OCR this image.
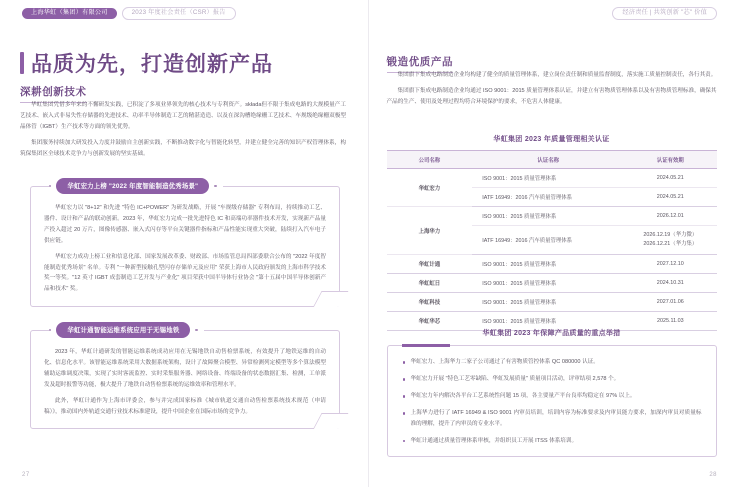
上海华虹（集团）有限公司	2023 年度社会责任（CSR）报告
品质为先，打造创新产品
深耕创新技术

华虹集团凭借多年来的不懈研发实践，已积淀了多项业界领先的核心技术与专利资产。składa但不限于集成电路的大规模量产工艺技术、嵌入式非易失性存储器的先进技术、功率半导体制造工艺的精湛造造、以及在深沟槽绝缘栅工艺技术、车规级绝缘栅双极型晶体管（IGBT）生产技术等方面的领先优势。

集团服务持续加大研发投入力度并鼓励自主创新实践，不断推动数字化与智能化转型，并建立健全完善的知识产权管理体系，构筑保集团区全球技术竞争力与创新发展的坚实基础。

华虹宏力上榜 "2022 年度智能制造优秀场景"

华虹宏力以 "8+12" 和先进 "特色 IC+POWER" 为研发战略，开展 "车规级存储器" 专利布局，持续推动工艺、器件、设计和产品的联动创新。2023 年，华虹宏力完成一批先进特色 IC 和高端功率器件技术开发，实现新产品量产投入超过 20 万片，图像传感器、嵌入式闪存等平台关键器件指标和产品性能实现重大突破，陆续打入汽车电子供应链。

华虹宏力成功上榜工业和信息化部、国家发展改革委、财政部、市场监管总局四部委联合公布的 "2022 年度智能制造优秀场景" 名单。专利 "一种新型接触孔型闪存存储单元及应用" 荣获上海市人民政府颁发的上海市科学技术奖一等奖。"12 英寸 IGBT 成套制造工艺开发与产业化" 项目荣获中国半导体行业协会 "第十五届中国半导体创新产品和技术" 奖。

华虹计通智能运维系统应用于无锡地铁

2023 年，华虹计通研发的智能运维系统成功应用在无锡地铁自动售检票系统，有效提升了地铁运维的自动化、信息化水平。该智能运维系统采用大数据系统架构，设计了故障聚合模型、异常检测列定模型等多个算法模型辅助运维调度决策，实现了实时客流监控、实时采集服务器、网络设备、终端设备的状态数据汇集、检测，工单派发及超时报警等功能，极大提升了地铁自动售检票系统的运维效率和管理水平。

此外，华虹计通作为上海市评委会，参与并完成国家标准《城市轨道交通自动售检票系统技术规范（申请稿）》，推动国内外轨道交通行业技术标准建设，提升中国企业在国际市场的竞争力。

27
经济责任 | 共筑创新 "芯" 价值
锻造优质产品

集团旗下集成电路制造企业均构建了健全的质量管理体系，建立岗位责任制和质量监督制度，落实施工质量控制责任，各行其责。

集团旗下集成电路制造企业均通过 ISO 9001：2015 质量管理体系认证，并建立有害物质管理体系以及有害物质管理标准，确保其产品的生产、使用及处理过程均符合环境保护的要求，不危害人体健康。

华虹集团 2023 年质量管理相关认证
公司名称	认证名称	认证有效期
华虹宏力	ISO 9001：2015 质量管理体系	2024.05.21
	IATF 16949：2016 汽车质量管理体系	2024.05.21
上海华力	ISO 9001：2015 质量管理体系	2026.12.01
	IATF 16949：2016 汽车质量管理体系	2026.12.19（华力微）
2026.12.21（华力集）

华虹计通	ISO 9001：2015 质量管理体系	2027.12.10
华虹虹日	ISO 9001：2015 质量管理体系	2024.10.31
华虹科技	ISO 9001：2015 质量管理体系	2027.01.06
华虹华芯	ISO 9001：2015 质量管理体系	2025.11.03
华虹集团 2023 年保障产品质量的重点举措
华虹宏力、上海华力二家子公司通过了有害物质管控体系 QC 080000 认证。
华虹宏力开展 "特色工艺零缺陷、华虹发展质量" 质量项目活动，评审结项 2,578 个。
华虹宏力年内解决各平台工艺系统性问题 15 项，各主要量产平台良率均稳定在 97% 以上。
上海华力进行了 IATF 16949 & ISO 9001 内审员培训，培训内容为标准要求及内审员能力要求，加深内审员对质量标准的理解，提升了内审员的专业水平。
华虹计通通过质量管理体系审核，并组织员工开展 ITSS 体系培训。
28
